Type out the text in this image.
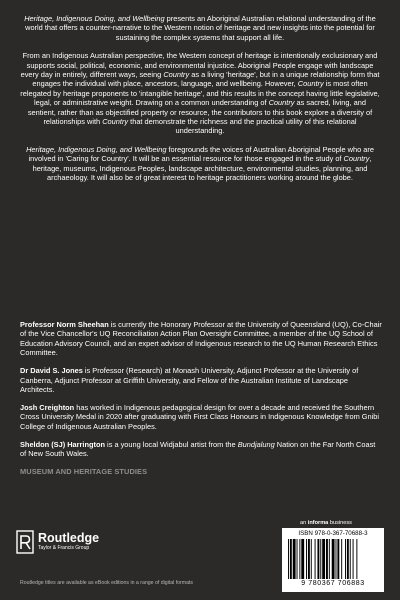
Heritage, Indigenous Doing, and Wellbeing presents an Aboriginal Australian relational understanding of the world that offers a counter-narrative to the Western notion of heritage and new insights into the potential for sustaining the complex systems that support all life.

From an Indigenous Australian perspective, the Western concept of heritage is intentionally exclusionary and supports social, political, economic, and environmental injustice. Aboriginal People engage with landscape every day in entirely, different ways, seeing Country as a living 'heritage', but in a unique relationship form that engages the individual with place, ancestors, language, and wellbeing. However, Country is most often relegated by heritage proponents to 'intangible heritage', and this results in the concept having little legislative, legal, or administrative weight. Drawing on a common understanding of Country as sacred, living, and sentient, rather than as objectified property or resource, the contributors to this book explore a diversity of relationships with Country that demonstrate the richness and the practical utility of this relational understanding.

Heritage, Indigenous Doing, and Wellbeing foregrounds the voices of Australian Aboriginal People who are involved in 'Caring for Country'. It will be an essential resource for those engaged in the study of Country, heritage, museums, Indigenous Peoples, landscape architecture, environmental studies, planning, and archaeology. It will also be of great interest to heritage practitioners working around the globe.

Professor Norm Sheehan is currently the Honorary Professor at the University of Queensland (UQ), Co-Chair of the Vice Chancellor's UQ Reconciliation Action Plan Oversight Committee, a member of the UQ School of Education Advisory Council, and an expert advisor of Indigenous research to the UQ Human Research Ethics Committee.

Dr David S. Jones is Professor (Research) at Monash University, Adjunct Professor at the University of Canberra, Adjunct Professor at Griffith University, and Fellow of the Australian Institute of Landscape Architects.

Josh Creighton has worked in Indigenous pedagogical design for over a decade and received the Southern Cross University Medal in 2020 after graduating with First Class Honours in Indigenous Knowledge from Gnibi College of Indigenous Australian Peoples.

Sheldon (SJ) Harrington is a young local Widjabul artist from the Bundjalung Nation on the Far North Coast of New South Wales.

MUSEUM AND HERITAGE STUDIES
Routledge
Taylor & Francis Group
Routledge titles are available as eBook editions in a range of digital formats
an informa business
ISBN 978-0-367-70688-3
9 780367 706883
